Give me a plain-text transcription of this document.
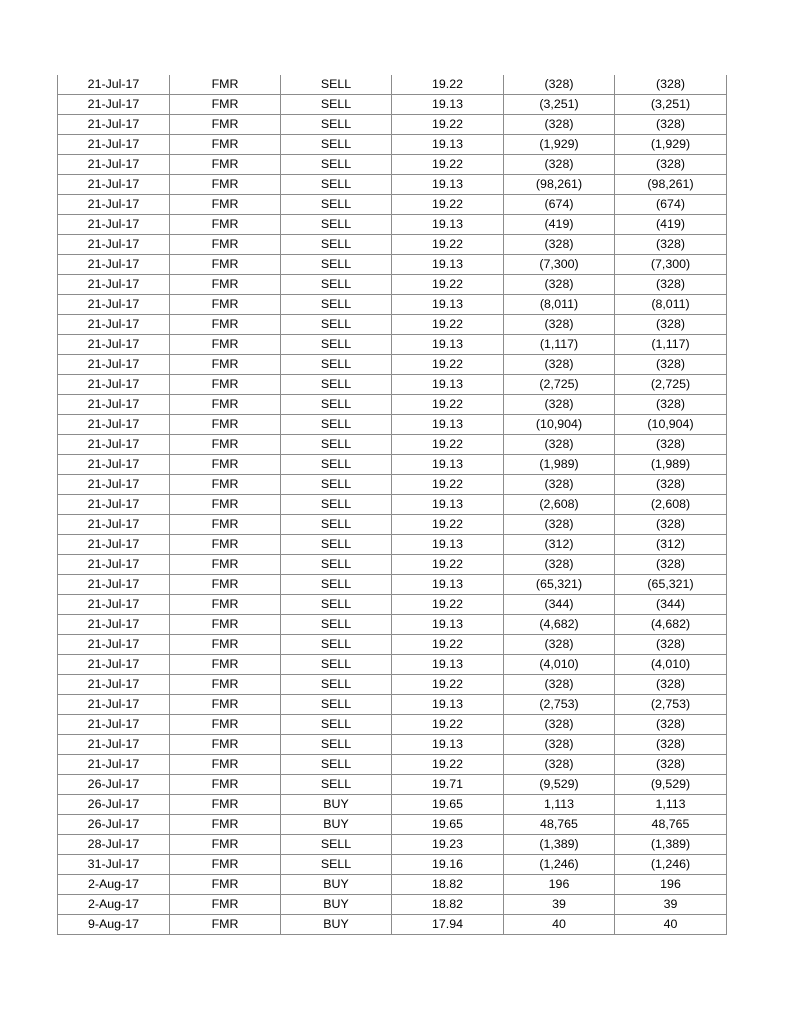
21-Jul-17	FMR	SELL	19.22	(328)	(328)
21-Jul-17	FMR	SELL	19.13	(3,251)	(3,251)
21-Jul-17	FMR	SELL	19.22	(328)	(328)
21-Jul-17	FMR	SELL	19.13	(1,929)	(1,929)
21-Jul-17	FMR	SELL	19.22	(328)	(328)
21-Jul-17	FMR	SELL	19.13	(98,261)	(98,261)
21-Jul-17	FMR	SELL	19.22	(674)	(674)
21-Jul-17	FMR	SELL	19.13	(419)	(419)
21-Jul-17	FMR	SELL	19.22	(328)	(328)
21-Jul-17	FMR	SELL	19.13	(7,300)	(7,300)
21-Jul-17	FMR	SELL	19.22	(328)	(328)
21-Jul-17	FMR	SELL	19.13	(8,011)	(8,011)
21-Jul-17	FMR	SELL	19.22	(328)	(328)
21-Jul-17	FMR	SELL	19.13	(1,117)	(1,117)
21-Jul-17	FMR	SELL	19.22	(328)	(328)
21-Jul-17	FMR	SELL	19.13	(2,725)	(2,725)
21-Jul-17	FMR	SELL	19.22	(328)	(328)
21-Jul-17	FMR	SELL	19.13	(10,904)	(10,904)
21-Jul-17	FMR	SELL	19.22	(328)	(328)
21-Jul-17	FMR	SELL	19.13	(1,989)	(1,989)
21-Jul-17	FMR	SELL	19.22	(328)	(328)
21-Jul-17	FMR	SELL	19.13	(2,608)	(2,608)
21-Jul-17	FMR	SELL	19.22	(328)	(328)
21-Jul-17	FMR	SELL	19.13	(312)	(312)
21-Jul-17	FMR	SELL	19.22	(328)	(328)
21-Jul-17	FMR	SELL	19.13	(65,321)	(65,321)
21-Jul-17	FMR	SELL	19.22	(344)	(344)
21-Jul-17	FMR	SELL	19.13	(4,682)	(4,682)
21-Jul-17	FMR	SELL	19.22	(328)	(328)
21-Jul-17	FMR	SELL	19.13	(4,010)	(4,010)
21-Jul-17	FMR	SELL	19.22	(328)	(328)
21-Jul-17	FMR	SELL	19.13	(2,753)	(2,753)
21-Jul-17	FMR	SELL	19.22	(328)	(328)
21-Jul-17	FMR	SELL	19.13	(328)	(328)
21-Jul-17	FMR	SELL	19.22	(328)	(328)
26-Jul-17	FMR	SELL	19.71	(9,529)	(9,529)
26-Jul-17	FMR	BUY	19.65	1,113	1,113
26-Jul-17	FMR	BUY	19.65	48,765	48,765
28-Jul-17	FMR	SELL	19.23	(1,389)	(1,389)
31-Jul-17	FMR	SELL	19.16	(1,246)	(1,246)
2-Aug-17	FMR	BUY	18.82	196	196
2-Aug-17	FMR	BUY	18.82	39	39
9-Aug-17	FMR	BUY	17.94	40	40
